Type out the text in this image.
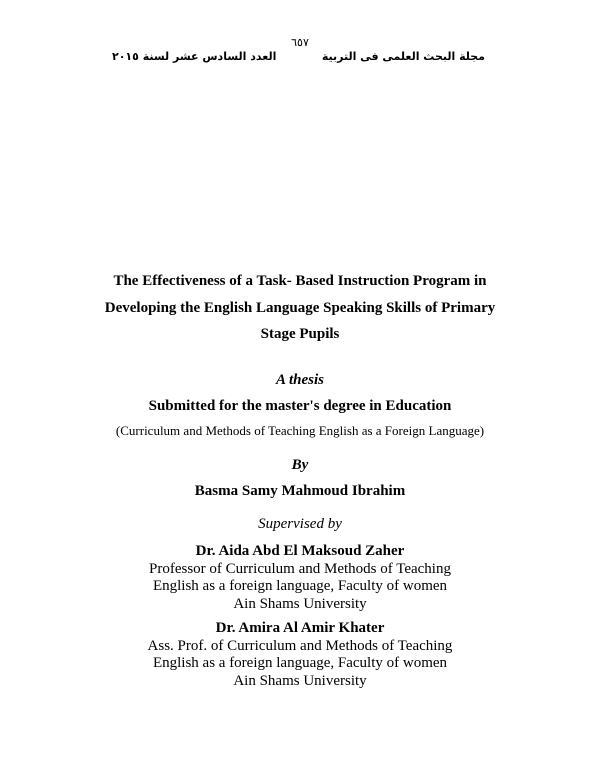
٦٥٧
مجلة البحث العلمى فى التربية
العدد السادس عشر لسنة ٢٠١٥
The Effectiveness of a Task- Based Instruction Program in
Developing the English Language Speaking Skills of Primary
Stage Pupils
A thesis
Submitted for the master's degree in Education
(Curriculum and Methods of Teaching English as a Foreign Language)
By
Basma Samy Mahmoud Ibrahim
Supervised by
Dr. Aida Abd El Maksoud Zaher
Professor of Curriculum and Methods of Teaching
English as a foreign language, Faculty of women
Ain Shams University
Dr. Amira Al Amir Khater
Ass. Prof. of Curriculum and Methods of Teaching
English as a foreign language, Faculty of women
Ain Shams University
